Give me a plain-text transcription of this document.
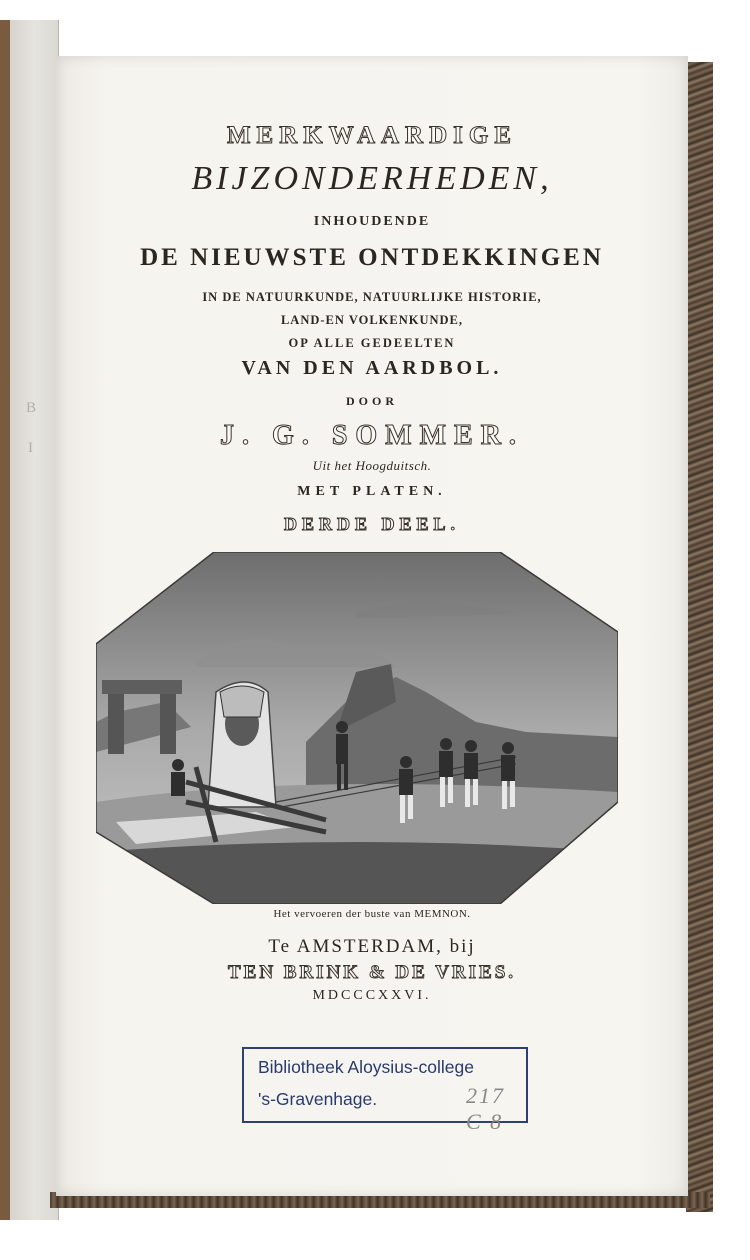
B
I
MERKWAARDIGE
BIJZONDERHEDEN,
INHOUDENDE
DE NIEUWSTE ONTDEKKINGEN
IN DE NATUURKUNDE, NATUURLIJKE HISTORIE,
LAND-EN VOLKENKUNDE,
OP ALLE GEDEELTEN
VAN DEN AARDBOL.
DOOR
J. G. SOMMER.
Uit het Hoogduitsch.
MET PLATEN.
DERDE DEEL.
Het vervoeren der buste van MEMNON.
Te AMSTERDAM, bij
TEN BRINK & DE VRIES.
MDCCCXXVI.
Bibliotheek Aloysius-college
's-Gravenhage.	217 C 8
